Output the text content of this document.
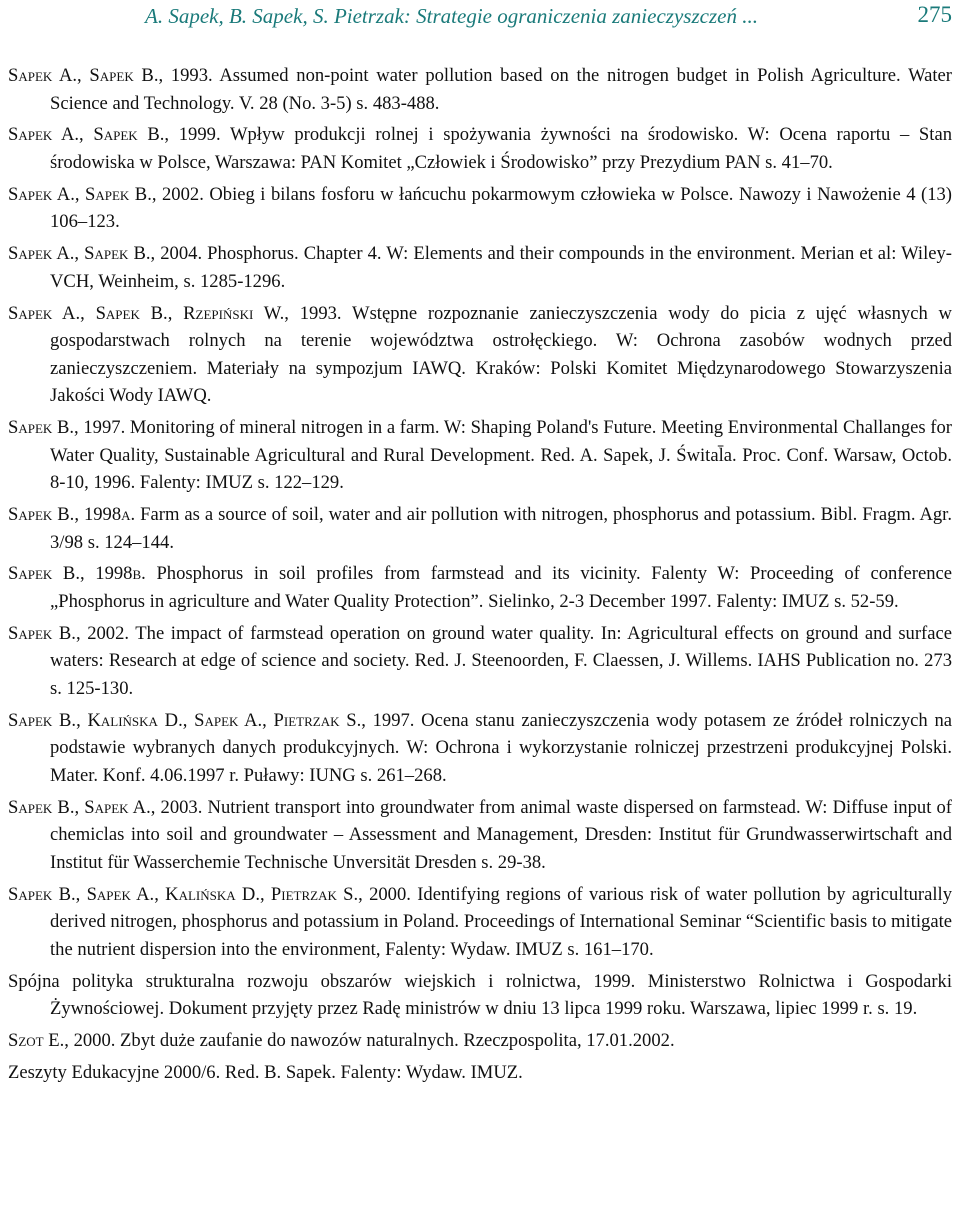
A. Sapek, B. Sapek, S. Pietrzak: Strategie ograniczenia zanieczyszczeń ...	275

Sapek A., Sapek B., 1993. Assumed non-point water pollution based on the nitrogen budget in Polish Agriculture. Water Science and Technology. V. 28 (No. 3-5) s. 483-488.

Sapek A., Sapek B., 1999. Wpływ produkcji rolnej i spożywania żywności na środowisko. W: Ocena raportu – Stan środowiska w Polsce, Warszawa: PAN Komitet „Człowiek i Środowisko” przy Prezydium PAN s. 41–70.

Sapek A., Sapek B., 2002. Obieg i bilans fosforu w łańcuchu pokarmowym człowieka w Polsce. Nawozy i Nawożenie 4 (13) 106–123.

Sapek A., Sapek B., 2004. Phosphorus. Chapter 4. W: Elements and their compounds in the environment. Merian et al: Wiley-VCH, Weinheim, s. 1285-1296.

Sapek A., Sapek B., Rzepiński W., 1993. Wstępne rozpoznanie zanieczyszczenia wody do picia z ujęć własnych w gospodarstwach rolnych na terenie województwa ostrołęckiego. W: Ochrona zasobów wodnych przed zanieczyszczeniem. Materiały na sympozjum IAWQ. Kraków: Polski Komitet Międzynarodowego Stowarzyszenia Jakości Wody IAWQ.

Sapek B., 1997. Monitoring of mineral nitrogen in a farm. W: Shaping Poland's Future. Meeting Environmental Challanges for Water Quality, Sustainable Agricultural and Rural Development. Red. A. Sapek, J. Śwital̄a. Proc. Conf. Warsaw, Octob. 8-10, 1996. Falenty: IMUZ s. 122–129.

Sapek B., 1998a. Farm as a source of soil, water and air pollution with nitrogen, phosphorus and potassium. Bibl. Fragm. Agr. 3/98 s. 124–144.

Sapek B., 1998b. Phosphorus in soil profiles from farmstead and its vicinity. Falenty W: Proceeding of conference „Phosphorus in agriculture and Water Quality Protection”. Sielinko, 2-3 December 1997. Falenty: IMUZ s. 52-59.

Sapek B., 2002. The impact of farmstead operation on ground water quality. In: Agricultural effects on ground and surface waters: Research at edge of science and society. Red. J. Steenoorden, F. Claessen, J. Willems. IAHS Publication no. 273 s. 125-130.

Sapek B., Kalińska D., Sapek A., Pietrzak S., 1997. Ocena stanu zanieczyszczenia wody potasem ze źródeł rolniczych na podstawie wybranych danych produkcyjnych. W: Ochrona i wykorzystanie rolniczej przestrzeni produkcyjnej Polski. Mater. Konf. 4.06.1997 r. Puławy: IUNG s. 261–268.

Sapek B., Sapek A., 2003. Nutrient transport into groundwater from animal waste dispersed on farmstead. W: Diffuse input of chemiclas into soil and groundwater – Assessment and Management, Dresden: Institut für Grundwasserwirtschaft and Institut für Wasserchemie Technische Unversität Dresden s. 29-38.

Sapek B., Sapek A., Kalińska D., Pietrzak S., 2000. Identifying regions of various risk of water pollution by agriculturally derived nitrogen, phosphorus and potassium in Poland. Proceedings of International Seminar “Scientific basis to mitigate the nutrient dispersion into the environment, Falenty: Wydaw. IMUZ s. 161–170.

Spójna polityka strukturalna rozwoju obszarów wiejskich i rolnictwa, 1999. Ministerstwo Rolnictwa i Gospodarki Żywnościowej. Dokument przyjęty przez Radę ministrów w dniu 13 lipca 1999 roku. Warszawa, lipiec 1999 r. s. 19.

Szot E., 2000. Zbyt duże zaufanie do nawozów naturalnych. Rzeczpospolita, 17.01.2002.

Zeszyty Edukacyjne 2000/6. Red. B. Sapek. Falenty: Wydaw. IMUZ.
